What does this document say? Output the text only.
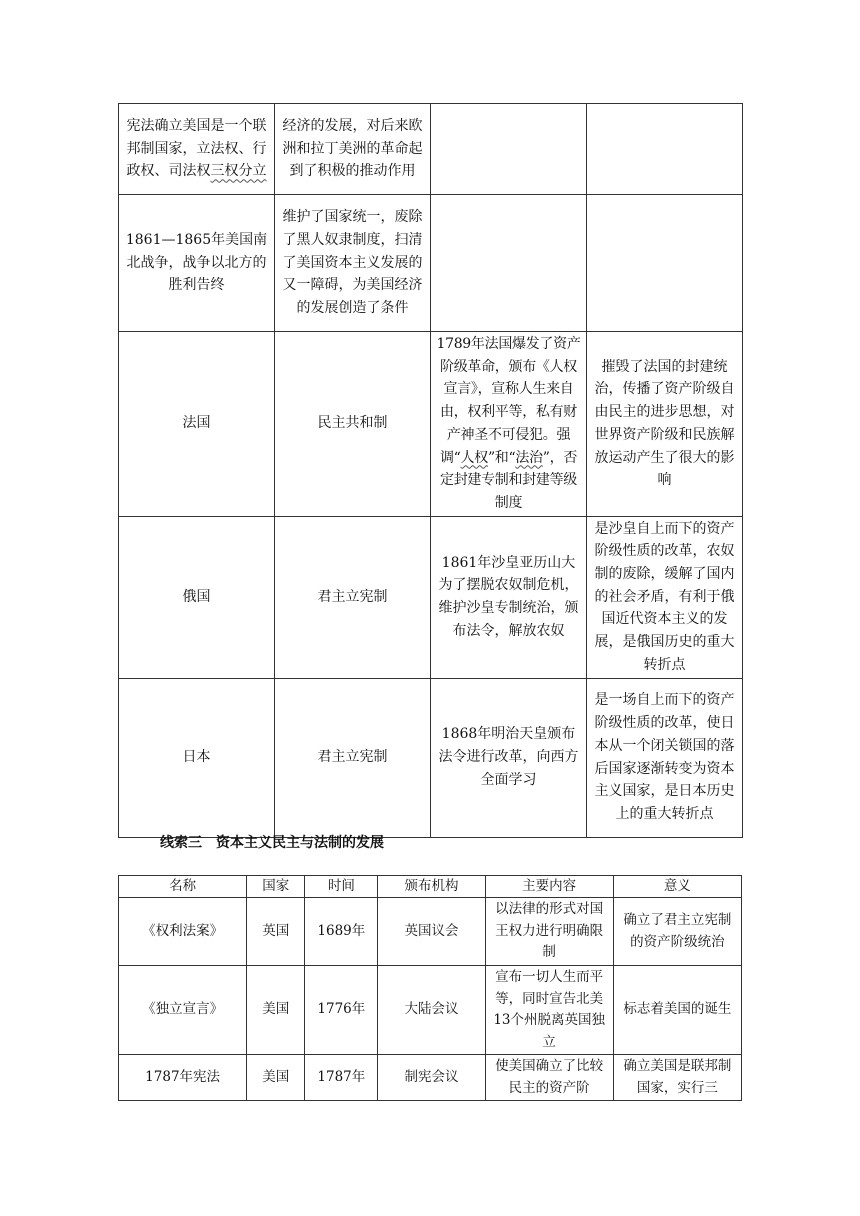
宪法确立美国是一个联邦制国家，立法权、行政权、司法权三权分立	经济的发展，对后来欧洲和拉丁美洲的革命起到了积极的推动作用		
1861—1865年美国南北战争，战争以北方的胜利告终	维护了国家统一，废除了黑人奴隶制度，扫清了美国资本主义发展的又一障碍，为美国经济的发展创造了条件		
法国	民主共和制	1789年法国爆发了资产阶级革命，颁布《人权宣言》，宣称人生来自由，权利平等，私有财产神圣不可侵犯。强调“人权”和“法治”，否定封建专制和封建等级制度	摧毁了法国的封建统治，传播了资产阶级自由民主的进步思想，对世界资产阶级和民族解放运动产生了很大的影响
俄国	君主立宪制	1861年沙皇亚历山大为了摆脱农奴制危机，维护沙皇专制统治，颁布法令，解放农奴	是沙皇自上而下的资产阶级性质的改革，农奴制的废除，缓解了国内的社会矛盾，有利于俄国近代资本主义的发展，是俄国历史的重大转折点
日本	君主立宪制	1868年明治天皇颁布法令进行改革，向西方全面学习	是一场自上而下的资产阶级性质的改革，使日本从一个闭关锁国的落后国家逐渐转变为资本主义国家，是日本历史上的重大转折点

线索三  资本主义民主与法制的发展

名称	国家	时间	颁布机构	主要内容	意义
《权利法案》	英国	1689年	英国议会	以法律的形式对国王权力进行明确限制	确立了君主立宪制的资产阶级统治
《独立宣言》	美国	1776年	大陆会议	宣布一切人生而平等，同时宣告北美13个州脱离英国独立	标志着美国的诞生
1787年宪法	美国	1787年	制宪会议	使美国确立了比较民主的资产阶	确立美国是联邦制国家，实行三
